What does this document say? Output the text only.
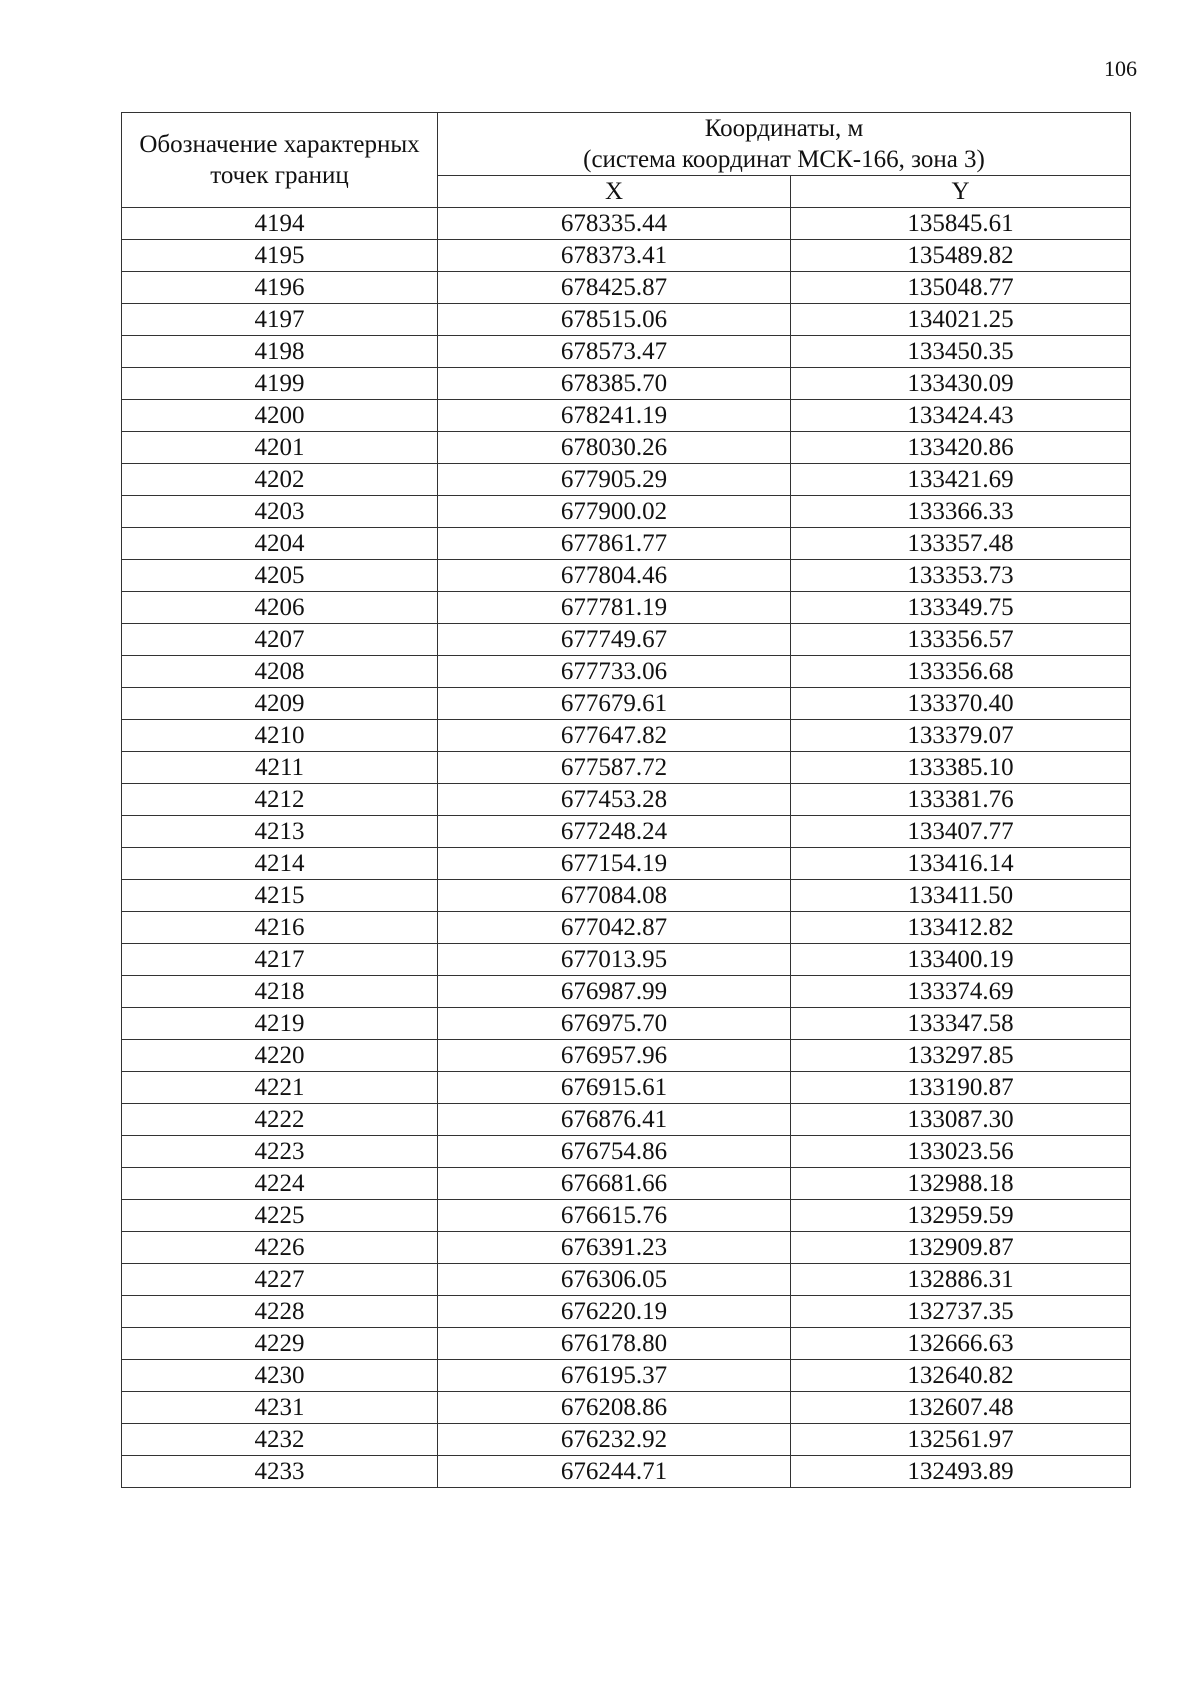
106
Обозначение характерных точек границ	Координаты, м
(система координат МСК-166, зона 3)	
	X	Y
4194	678335.44	135845.61
4195	678373.41	135489.82
4196	678425.87	135048.77
4197	678515.06	134021.25
4198	678573.47	133450.35
4199	678385.70	133430.09
4200	678241.19	133424.43
4201	678030.26	133420.86
4202	677905.29	133421.69
4203	677900.02	133366.33
4204	677861.77	133357.48
4205	677804.46	133353.73
4206	677781.19	133349.75
4207	677749.67	133356.57
4208	677733.06	133356.68
4209	677679.61	133370.40
4210	677647.82	133379.07
4211	677587.72	133385.10
4212	677453.28	133381.76
4213	677248.24	133407.77
4214	677154.19	133416.14
4215	677084.08	133411.50
4216	677042.87	133412.82
4217	677013.95	133400.19
4218	676987.99	133374.69
4219	676975.70	133347.58
4220	676957.96	133297.85
4221	676915.61	133190.87
4222	676876.41	133087.30
4223	676754.86	133023.56
4224	676681.66	132988.18
4225	676615.76	132959.59
4226	676391.23	132909.87
4227	676306.05	132886.31
4228	676220.19	132737.35
4229	676178.80	132666.63
4230	676195.37	132640.82
4231	676208.86	132607.48
4232	676232.92	132561.97
4233	676244.71	132493.89
